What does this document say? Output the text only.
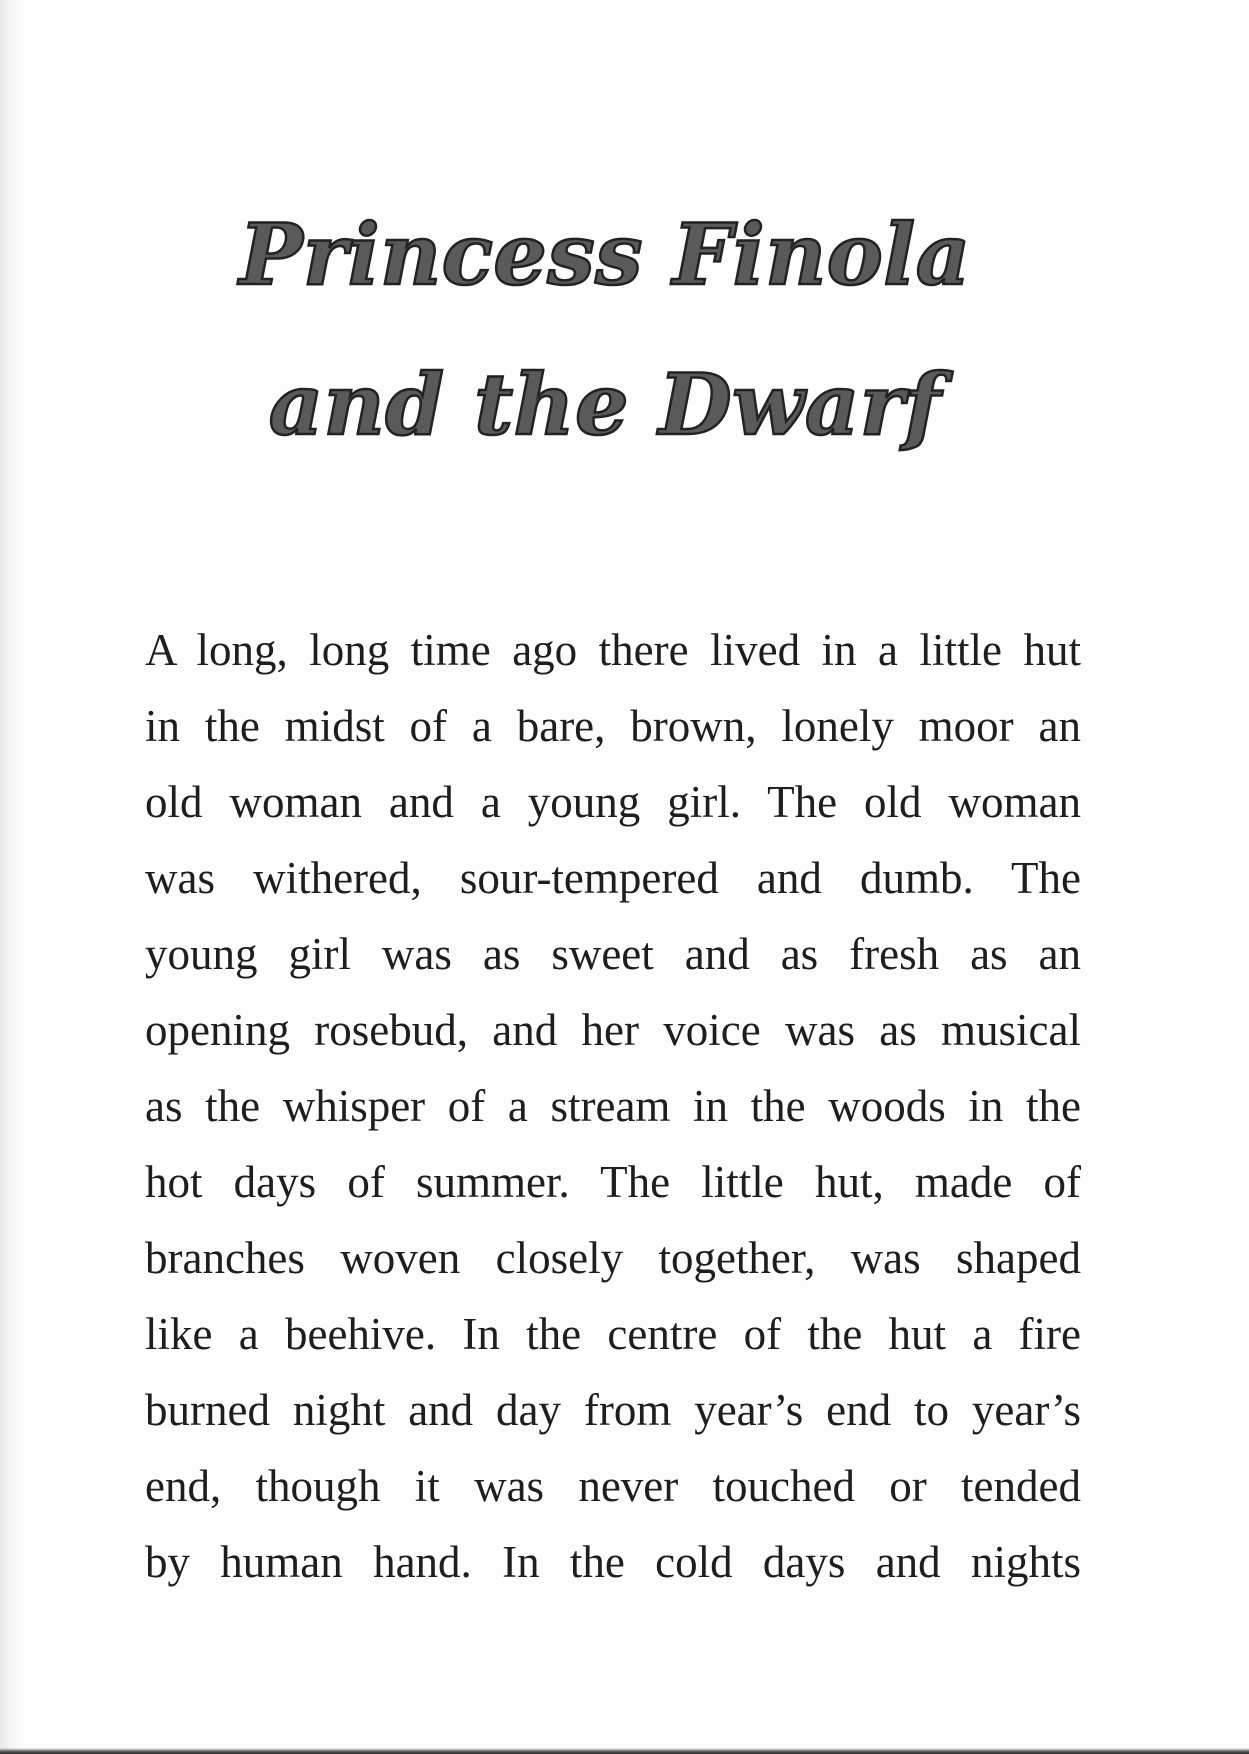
Princess Finola
and the Dwarf

A long, long time ago there lived in a little hut
in the midst of a bare, brown, lonely moor an
old woman and a young girl. The old woman
was withered, sour-tempered and dumb. The
young girl was as sweet and as fresh as an
opening rosebud, and her voice was as musical
as the whisper of a stream in the woods in the
hot days of summer. The little hut, made of
branches woven closely together, was shaped
like a beehive. In the centre of the hut a fire
burned night and day from year’s end to year’s
end, though it was never touched or tended
by human hand. In the cold days and nights
